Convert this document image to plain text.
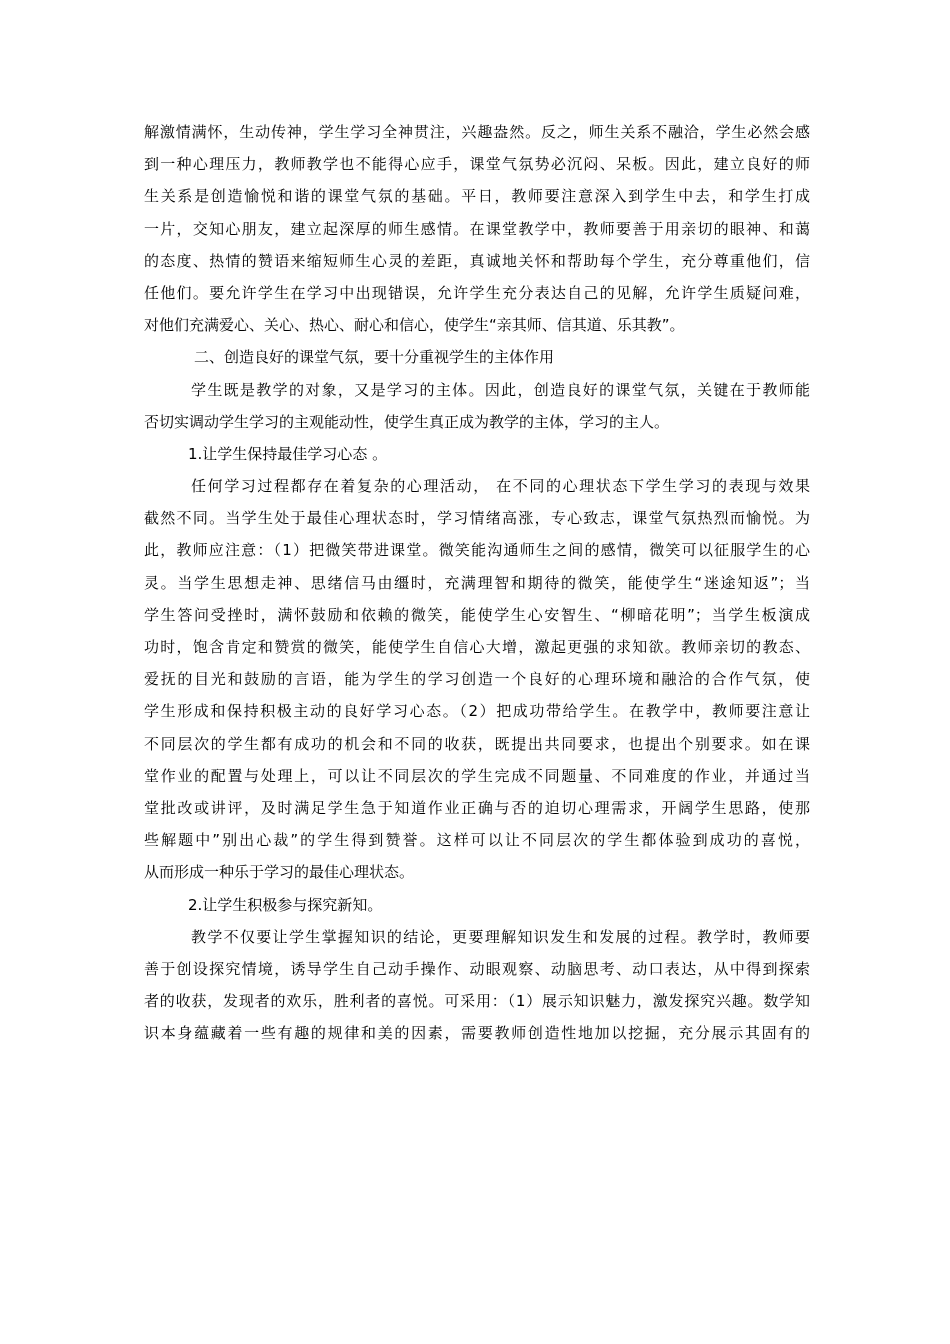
解激情满怀，生动传神，学生学习全神贯注，兴趣盎然。反之，师生关系不融洽，学生必然会感
到一种心理压力，教师教学也不能得心应手，课堂气氛势必沉闷、呆板。因此，建立良好的师
生关系是创造愉悦和谐的课堂气氛的基础。平日，教师要注意深入到学生中去，和学生打成
一片，交知心朋友，建立起深厚的师生感情。在课堂教学中，教师要善于用亲切的眼神、和蔼
的态度、热情的赞语来缩短师生心灵的差距，真诚地关怀和帮助每个学生，充分尊重他们，信
任他们。要允许学生在学习中出现错误，允许学生充分表达自己的见解，允许学生质疑问难，
对他们充满爱心、关心、热心、耐心和信心，使学生“亲其师、信其道、乐其教”。
二、创造良好的课堂气氛，要十分重视学生的主体作用
学生既是教学的对象，又是学习的主体。因此，创造良好的课堂气氛，关键在于教师能
否切实调动学生学习的主观能动性，使学生真正成为教学的主体，学习的主人。
1.让学生保持最佳学习心态 。
任何学习过程都存在着复杂的心理活动， 在不同的心理状态下学生学习的表现与效果
截然不同。当学生处于最佳心理状态时，学习情绪高涨，专心致志，课堂气氛热烈而愉悦。为
此，教师应注意：（1）把微笑带进课堂。微笑能沟通师生之间的感情，微笑可以征服学生的心
灵。当学生思想走神、思绪信马由缰时，充满理智和期待的微笑，能使学生“迷途知返”；当
学生答问受挫时，满怀鼓励和依赖的微笑，能使学生心安智生、“柳暗花明”；当学生板演成
功时，饱含肯定和赞赏的微笑，能使学生自信心大增，激起更强的求知欲。教师亲切的教态、
爱抚的目光和鼓励的言语，能为学生的学习创造一个良好的心理环境和融洽的合作气氛，使
学生形成和保持积极主动的良好学习心态。（2）把成功带给学生。在教学中，教师要注意让
不同层次的学生都有成功的机会和不同的收获，既提出共同要求，也提出个别要求。如在课
堂作业的配置与处理上，可以让不同层次的学生完成不同题量、不同难度的作业，并通过当
堂批改或讲评，及时满足学生急于知道作业正确与否的迫切心理需求，开阔学生思路，使那
些解题中”别出心裁”的学生得到赞誉。这样可以让不同层次的学生都体验到成功的喜悦，
从而形成一种乐于学习的最佳心理状态。
2.让学生积极参与探究新知。
教学不仅要让学生掌握知识的结论，更要理解知识发生和发展的过程。教学时，教师要
善于创设探究情境，诱导学生自己动手操作、动眼观察、动脑思考、动口表达，从中得到探索
者的收获，发现者的欢乐，胜利者的喜悦。可采用：（1）展示知识魅力，激发探究兴趣。数学知
识本身蕴藏着一些有趣的规律和美的因素，需要教师创造性地加以挖掘，充分展示其固有的
